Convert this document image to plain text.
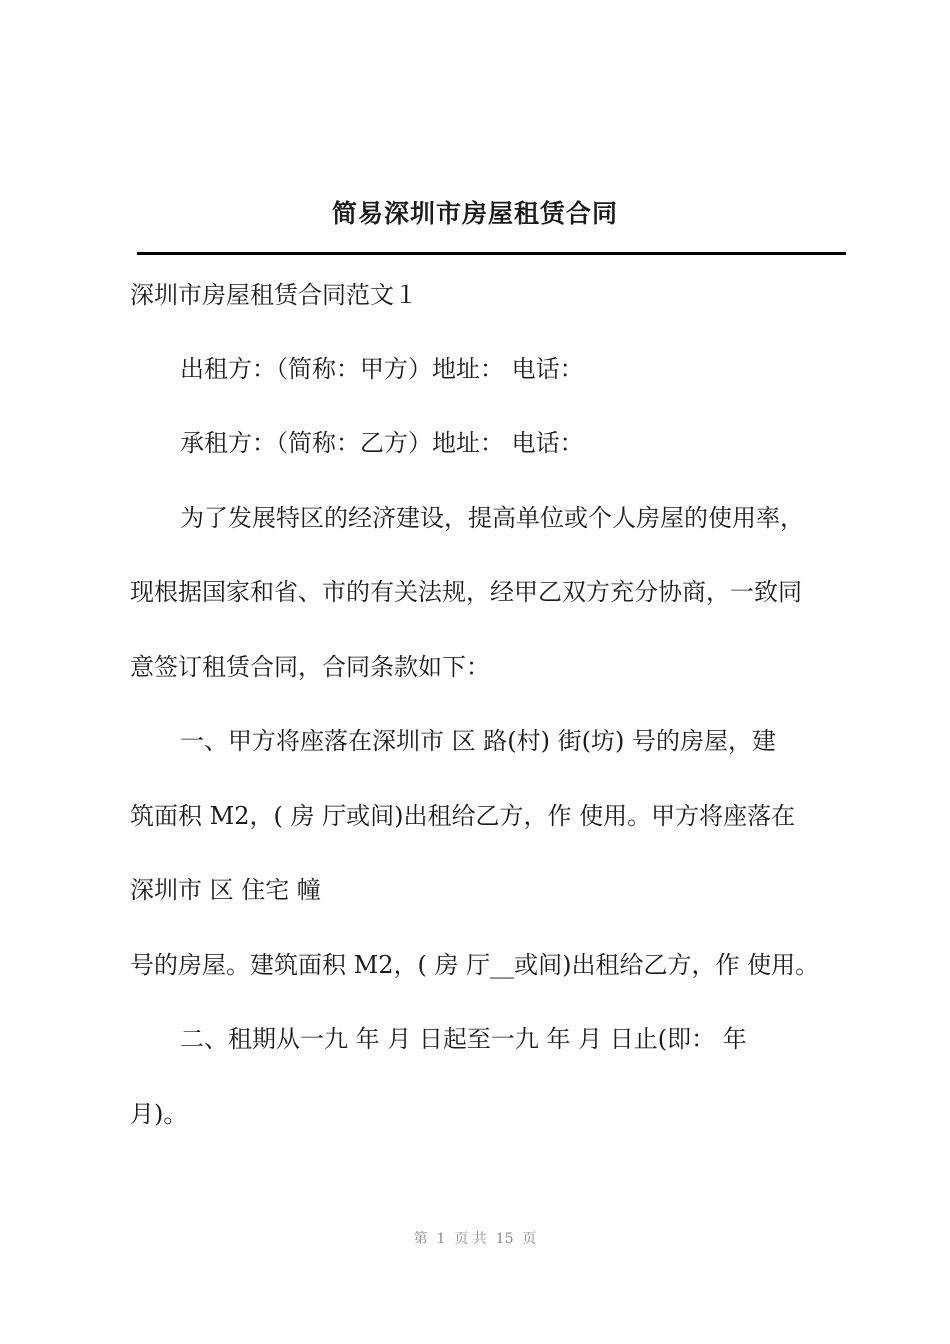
简易深圳市房屋租赁合同
深圳市房屋租赁合同范文１
出租方：（简称：甲方）地址： 电话：
承租方：（简称：乙方）地址： 电话：
为了发展特区的经济建设，提高单位或个人房屋的使用率，
现根据国家和省、市的有关法规，经甲乙双方充分协商，一致同
意签订租赁合同，合同条款如下：
一、甲方将座落在深圳市 区 路(村) 街(坊) 号的房屋，建
筑面积 M2，( 房 厅或间)出租给乙方，作 使用。甲方将座落在
深圳市 区 住宅 幢
号的房屋。建筑面积 M2，( 房 厅__或间)出租给乙方，作 使用。
二、租期从一九 年 月 日起至一九 年 月 日止(即： 年
月)。
第  1  页 共  15  页
